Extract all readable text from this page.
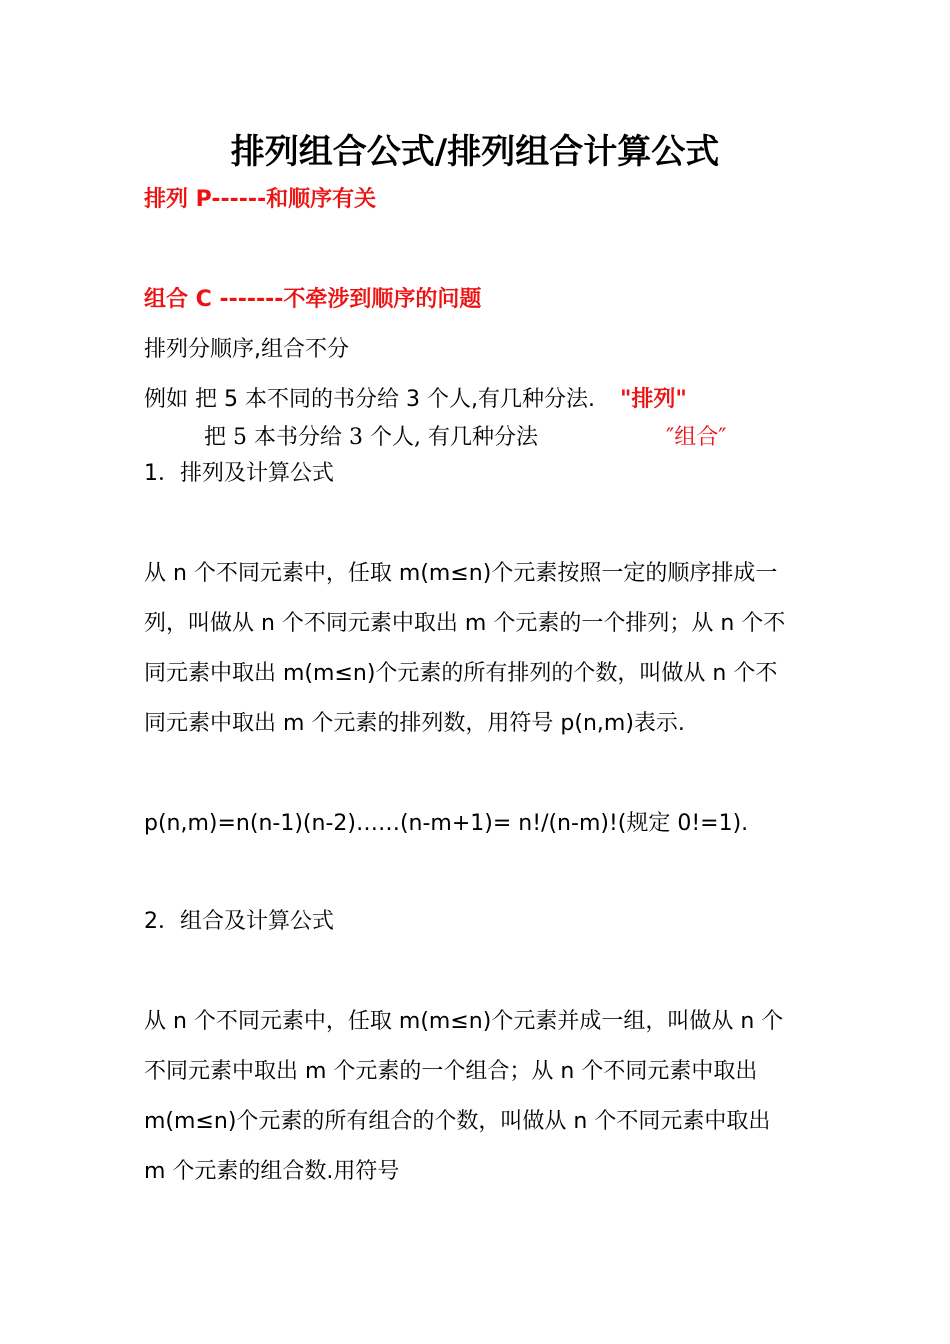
排列组合公式/排列组合计算公式
排列 P------和顺序有关
组合 C -------不牵涉到顺序的问题
排列分顺序,组合不分
例如 把 5 本不同的书分给 3 个人,有几种分法. "排列"
把 5 本书分给 3 个人, 有几种分法	″组合″
1．排列及计算公式
从 n 个不同元素中，任取 m(m≤n)个元素按照一定的顺序排成一
列，叫做从 n 个不同元素中取出 m 个元素的一个排列；从 n 个不
同元素中取出 m(m≤n)个元素的所有排列的个数，叫做从 n 个不
同元素中取出 m 个元素的排列数，用符号 p(n,m)表示.
p(n,m)=n(n-1)(n-2)……(n-m+1)= n!/(n-m)!(规定 0!=1).
2．组合及计算公式
从 n 个不同元素中，任取 m(m≤n)个元素并成一组，叫做从 n 个
不同元素中取出 m 个元素的一个组合；从 n 个不同元素中取出
m(m≤n)个元素的所有组合的个数，叫做从 n 个不同元素中取出
m 个元素的组合数.用符号
